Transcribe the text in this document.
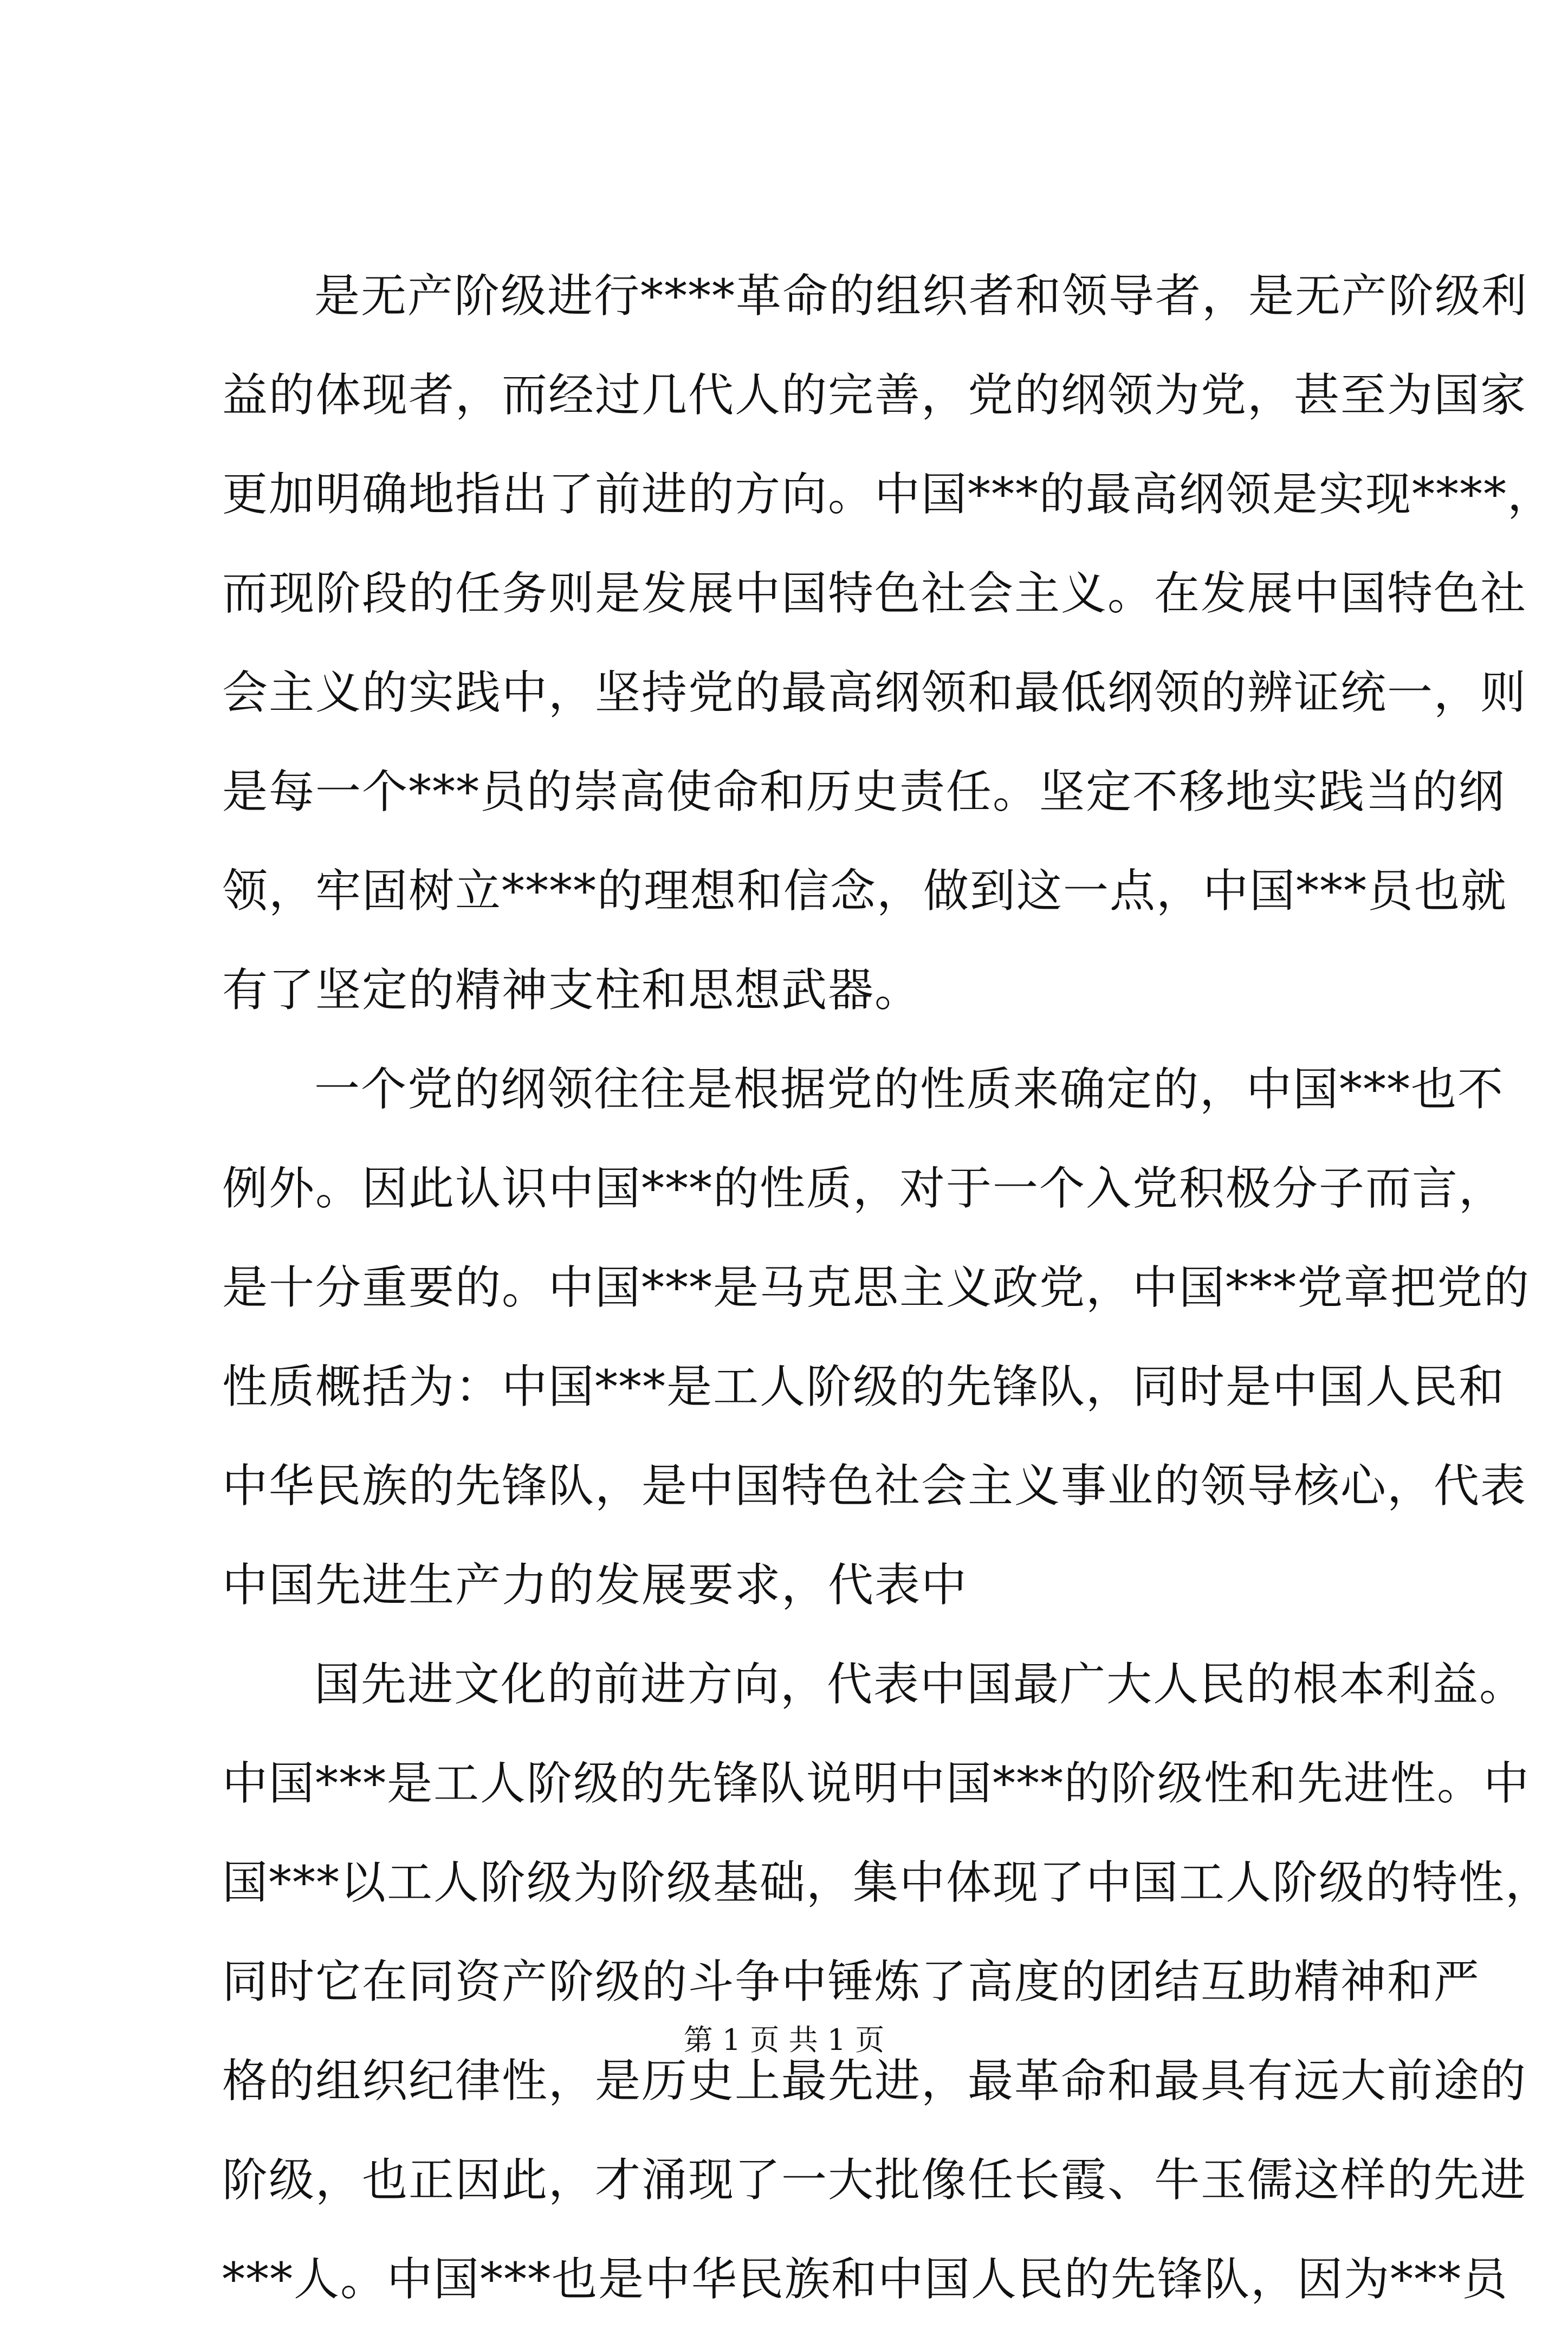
是无产阶级进行****革命的组织者和领导者，是无产阶级利
益的体现者，而经过几代人的完善，党的纲领为党，甚至为国家
更加明确地指出了前进的方向。中国***的最高纲领是实现****，
而现阶段的任务则是发展中国特色社会主义。在发展中国特色社
会主义的实践中，坚持党的最高纲领和最低纲领的辨证统一，则
是每一个***员的崇高使命和历史责任。坚定不移地实践当的纲
领，牢固树立****的理想和信念，做到这一点，中国***员也就
有了坚定的精神支柱和思想武器。
一个党的纲领往往是根据党的性质来确定的，中国***也不
例外。因此认识中国***的性质，对于一个入党积极分子而言，
是十分重要的。中国***是马克思主义政党，中国***党章把党的
性质概括为：中国***是工人阶级的先锋队，同时是中国人民和
中华民族的先锋队，是中国特色社会主义事业的领导核心，代表
中国先进生产力的发展要求，代表中
国先进文化的前进方向，代表中国最广大人民的根本利益。
中国***是工人阶级的先锋队说明中国***的阶级性和先进性。中
国***以工人阶级为阶级基础，集中体现了中国工人阶级的特性，
同时它在同资产阶级的斗争中锤炼了高度的团结互助精神和严
格的组织纪律性，是历史上最先进，最革命和最具有远大前途的
阶级，也正因此，才涌现了一大批像任长霞、牛玉儒这样的先进
***人。中国***也是中华民族和中国人民的先锋队，因为***员
第 1 页 共 1 页
